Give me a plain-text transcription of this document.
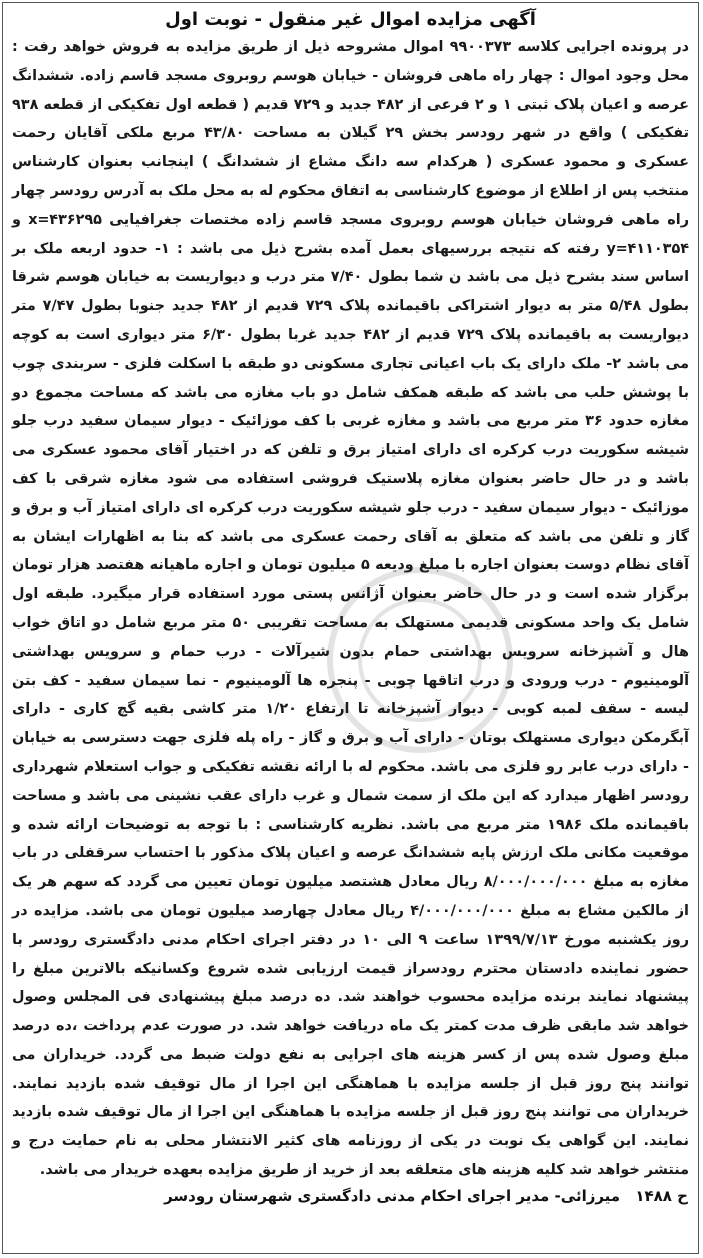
آگهی مزایده اموال غیر منقول - نوبت اول
در پرونده اجرایی کلاسه ۹۹۰۰۳۷۳ اموال مشروحه ذیل از طریق مزایده به فروش خواهد رفت : محل وجود اموال : چهار راه ماهی فروشان - خیابان هوسم روبروی مسجد قاسم زاده. ششدانگ عرصه و اعیان پلاک ثبتی ۱ و ۲ فرعی از ۴۸۲ جدید و ۷۲۹ قدیم ( قطعه اول تفکیکی از قطعه ۹۳۸ تفکیکی ) واقع در شهر رودسر بخش ۲۹ گیلان به مساحت ۴۳/۸۰ مربع ملکی آقایان رحمت عسکری و محمود عسکری ( هرکدام سه دانگ مشاع از ششدانگ ) اینجانب بعنوان کارشناس منتخب پس از اطلاع از موضوع کارشناسی به اتفاق محکوم له به محل ملک به آدرس رودسر چهار راه ماهی فروشان خیابان هوسم روبروی مسجد قاسم زاده مختصات جغرافیایی x=۴۳۶۲۹۵ و y=۴۱۱۰۳۵۴ رفته که نتیجه بررسیهای بعمل آمده بشرح ذیل می باشد : ۱- حدود اربعه ملک بر اساس سند بشرح ذیل می باشد ن شما بطول ۷/۴۰ متر درب و دیواریست به خیابان هوسم شرقا بطول ۵/۴۸ متر به دیوار اشتراکی باقیمانده پلاک ۷۲۹ قدیم از ۴۸۲ جدید جنوبا بطول ۷/۴۷ متر دیواریست به باقیمانده پلاک ۷۲۹ قدیم از ۴۸۲ جدید غربا بطول ۶/۳۰ متر دیواری است به کوچه می باشد ۲- ملک دارای یک باب اعیانی تجاری مسکونی دو طبقه با اسکلت فلزی - سربندی چوب با پوشش حلب می باشد که طبقه همکف شامل دو باب مغازه می باشد که مساحت مجموع دو مغازه حدود ۳۶ متر مربع می باشد و مغازه غربی با کف موزائیک - دیوار سیمان سفید درب جلو شیشه سکوریت درب کرکره ای دارای امتیاز برق و تلفن که در اختیار آقای محمود عسکری می باشد و در حال حاضر بعنوان مغازه پلاستیک فروشی استفاده می شود مغازه شرقی با کف موزائیک - دیوار سیمان سفید - درب جلو شیشه سکوریت درب کرکره ای دارای امتیاز آب و برق و گاز و تلفن می باشد که متعلق به آقای رحمت عسکری می باشد که بنا به اظهارات ایشان به آقای نظام دوست بعنوان اجاره با مبلغ ودیعه ۵ میلیون تومان و اجاره ماهیانه هفتصد هزار تومان برگزار شده است و در حال حاضر بعنوان آژانس پستی مورد استفاده قرار میگیرد. طبقه اول شامل یک واحد مسکونی قدیمی مستهلک به مساحت تقریبی ۵۰ متر مربع شامل دو اتاق خواب هال و آشپزخانه سرویس بهداشتی حمام بدون شیرآلات - درب حمام و سرویس بهداشتی آلومینیوم - درب ورودی و درب اتاقها چوبی - پنجره ها آلومینیوم - نما سیمان سفید - کف بتن لیسه - سقف لمبه کوبی - دیوار آشپزخانه تا ارتفاع ۱/۲۰ متر کاشی بقیه گچ کاری - دارای آبگرمکن دیواری مستهلک بوتان - دارای آب و برق و گاز - راه پله فلزی جهت دسترسی به خیابان - دارای درب عابر رو فلزی می باشد. محکوم له با ارائه نقشه تفکیکی و جواب استعلام شهرداری رودسر اظهار میدارد که این ملک از سمت شمال و غرب دارای عقب نشینی می باشد و مساحت باقیمانده ملک ۱۹۸۶ متر مربع می باشد. نظریه کارشناسی : با توجه به توضیحات ارائه شده و موقعیت مکانی ملک ارزش پایه ششدانگ عرصه و اعیان پلاک مذکور با احتساب سرقفلی در باب مغازه به مبلغ ۸/۰۰۰/۰۰۰/۰۰۰ ریال معادل هشتصد میلیون تومان تعیین می گردد که سهم هر یک از مالکین مشاع به مبلغ ۴/۰۰۰/۰۰۰/۰۰۰ ریال معادل چهارصد میلیون تومان می باشد. مزایده در روز یکشنبه مورخ ۱۳۹۹/۷/۱۳ ساعت ۹ الی ۱۰ در دفتر اجرای احکام مدنی دادگستری رودسر با حضور نماینده دادستان محترم رودسراز قیمت ارزیابی شده شروع وکسانیکه بالاترین مبلغ را پیشنهاد نمایند برنده مزایده محسوب خواهند شد. ده درصد مبلغ پیشنهادی فی المجلس وصول خواهد شد مابقی ظرف مدت کمتر یک ماه دریافت خواهد شد. در صورت عدم پرداخت ،ده درصد مبلغ وصول شده پس از کسر هزینه های اجرایی به نفع دولت ضبط می گردد. خریداران می توانند پنج روز قبل از جلسه مزایده با هماهنگی این اجرا از مال توقیف شده بازدید نمایند. خریداران می توانند پنج روز قبل از جلسه مزایده با هماهنگی این اجرا از مال توقیف شده بازدید نمایند. این گواهی یک نوبت در یکی از روزنامه های کثیر الانتشار محلی به نام حمایت درج و منتشر خواهد شد کلیه هزینه های متعلقه بعد از خرید از طریق مزایده بعهده خریدار می باشد.
ح ۱۴۸۸ میرزائی- مدیر اجرای احکام مدنی دادگستری شهرستان رودسر
